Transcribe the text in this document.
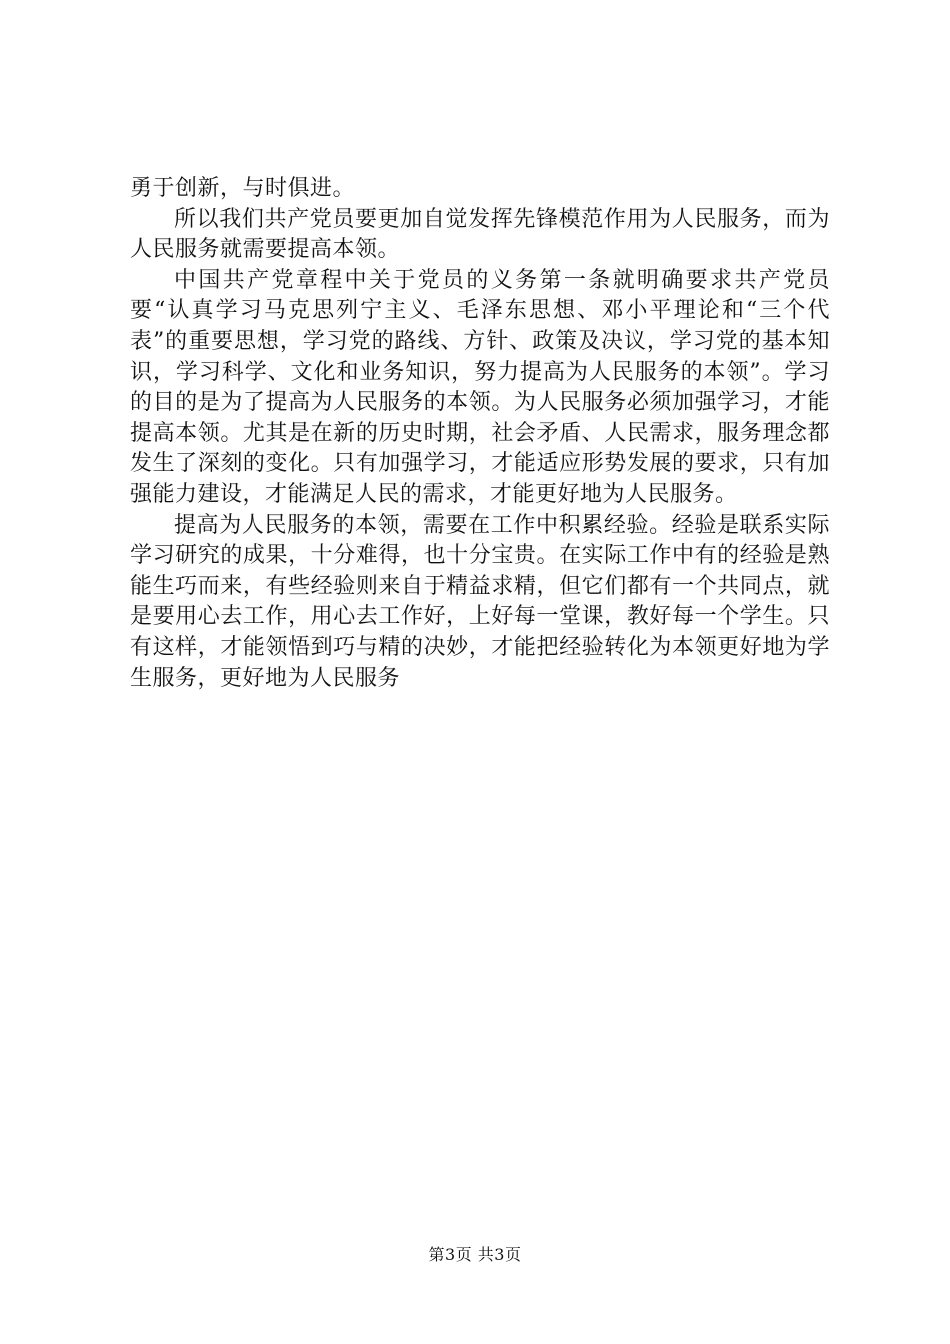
勇于创新，与时俱进。

所以我们共产党员要更加自觉发挥先锋模范作用为人民服务，而为人民服务就需要提高本领。

中国共产党章程中关于党员的义务第一条就明确要求共产党员要“认真学习马克思列宁主义、毛泽东思想、邓小平理论和“三个代表”的重要思想，学习党的路线、方针、政策及决议，学习党的基本知识，学习科学、文化和业务知识，努力提高为人民服务的本领”。学习的目的是为了提高为人民服务的本领。为人民服务必须加强学习，才能提高本领。尤其是在新的历史时期，社会矛盾、人民需求，服务理念都发生了深刻的变化。只有加强学习，才能适应形势发展的要求，只有加强能力建设，才能满足人民的需求，才能更好地为人民服务。

提高为人民服务的本领，需要在工作中积累经验。经验是联系实际学习研究的成果，十分难得，也十分宝贵。在实际工作中有的经验是熟能生巧而来，有些经验则来自于精益求精，但它们都有一个共同点，就是要用心去工作，用心去工作好，上好每一堂课，教好每一个学生。只有这样，才能领悟到巧与精的决妙，才能把经验转化为本领更好地为学生服务，更好地为人民服务

第3页 共3页
